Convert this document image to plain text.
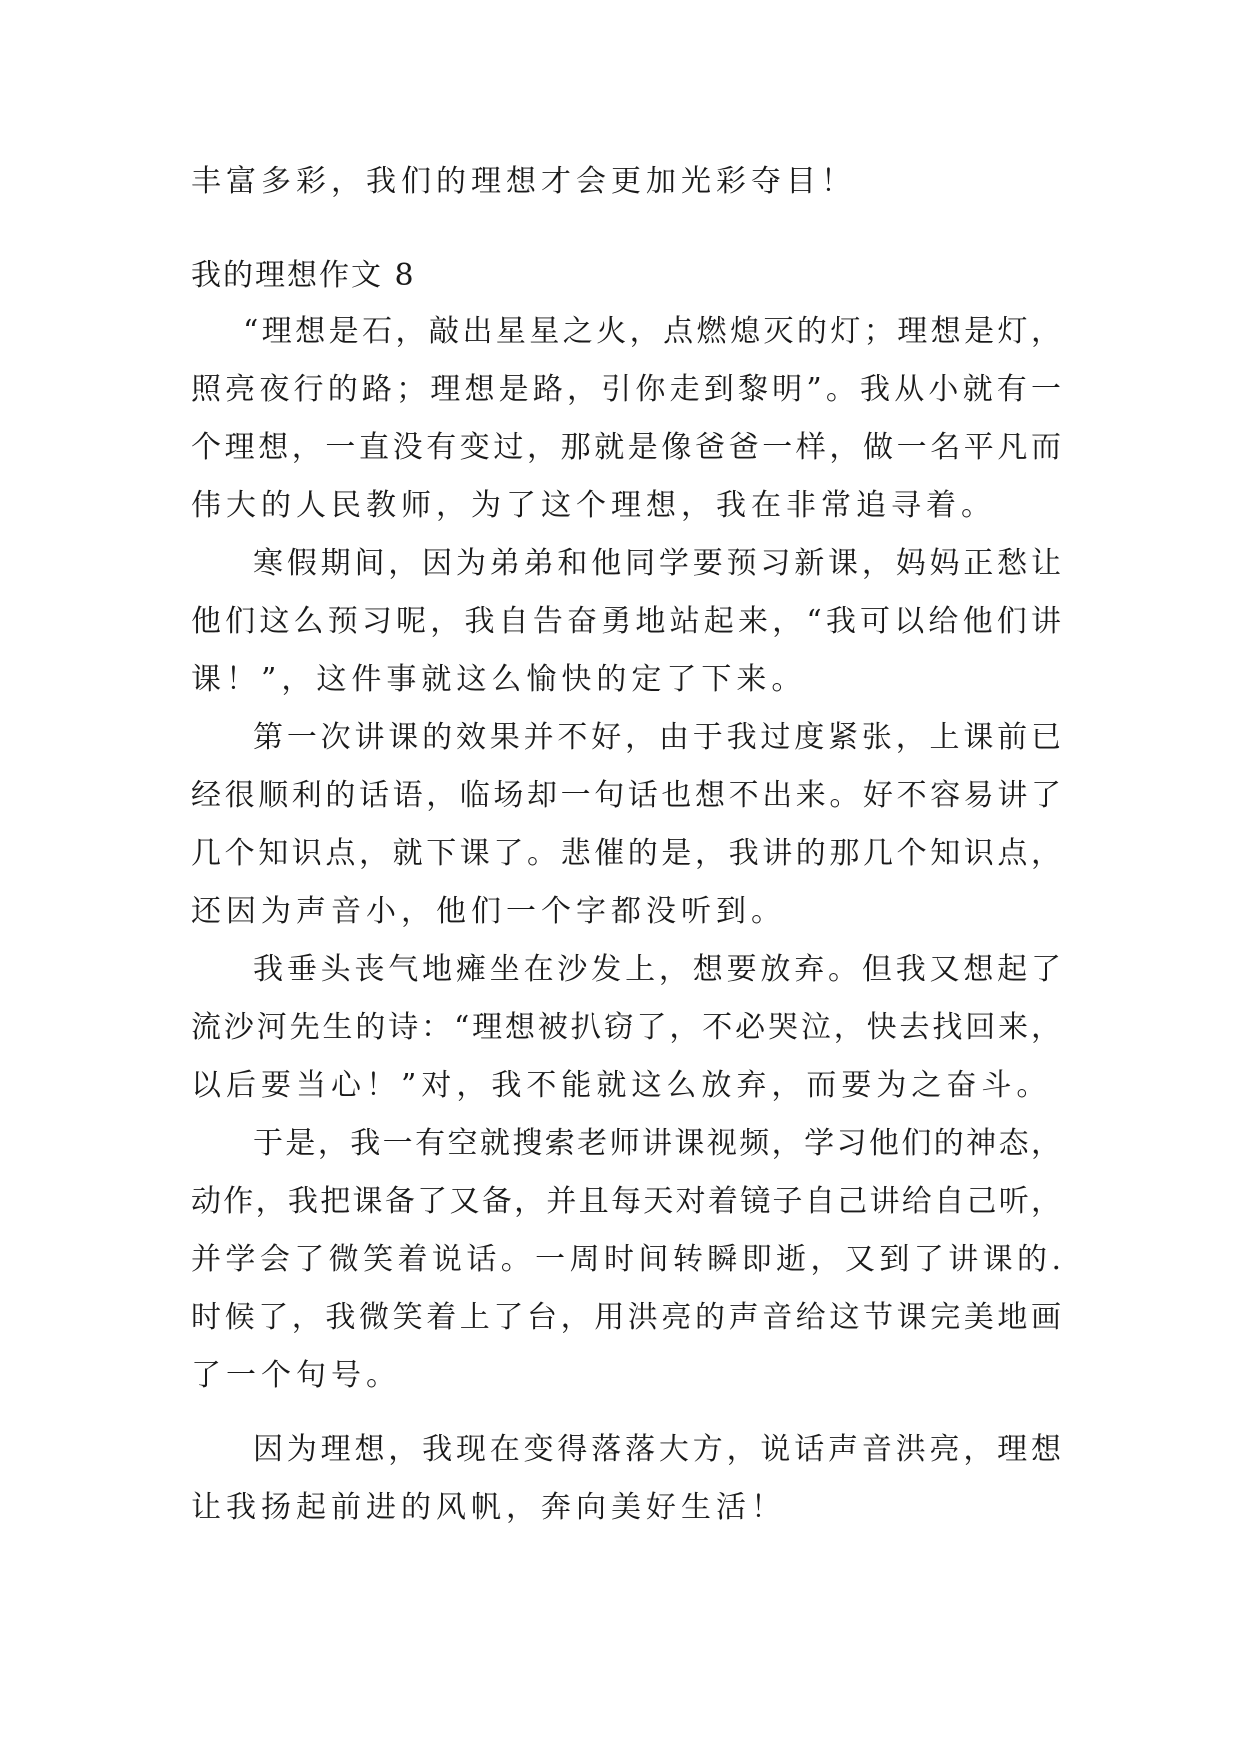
丰富多彩，我们的理想才会更加光彩夺目！
我的理想作文 8
“理想是石，敲出星星之火，点燃熄灭的灯；理想是灯，
照亮夜行的路；理想是路，引你走到黎明”。我从小就有一
个理想，一直没有变过，那就是像爸爸一样，做一名平凡而
伟大的人民教师，为了这个理想，我在非常追寻着。
寒假期间，因为弟弟和他同学要预习新课，妈妈正愁让
他们这么预习呢，我自告奋勇地站起来，“我可以给他们讲
课！”，这件事就这么愉快的定了下来。
第一次讲课的效果并不好，由于我过度紧张，上课前已
经很顺利的话语，临场却一句话也想不出来。好不容易讲了
几个知识点，就下课了。悲催的是，我讲的那几个知识点，
还因为声音小，他们一个字都没听到。
我垂头丧气地瘫坐在沙发上，想要放弃。但我又想起了
流沙河先生的诗：“理想被扒窃了，不必哭泣，快去找回来，
以后要当心！”对，我不能就这么放弃，而要为之奋斗。
于是，我一有空就搜索老师讲课视频，学习他们的神态，
动作，我把课备了又备，并且每天对着镜子自己讲给自己听，
并学会了微笑着说话。一周时间转瞬即逝，又到了讲课的.
时候了，我微笑着上了台，用洪亮的声音给这节课完美地画
了一个句号。
因为理想，我现在变得落落大方，说话声音洪亮，理想
让我扬起前进的风帆，奔向美好生活！
